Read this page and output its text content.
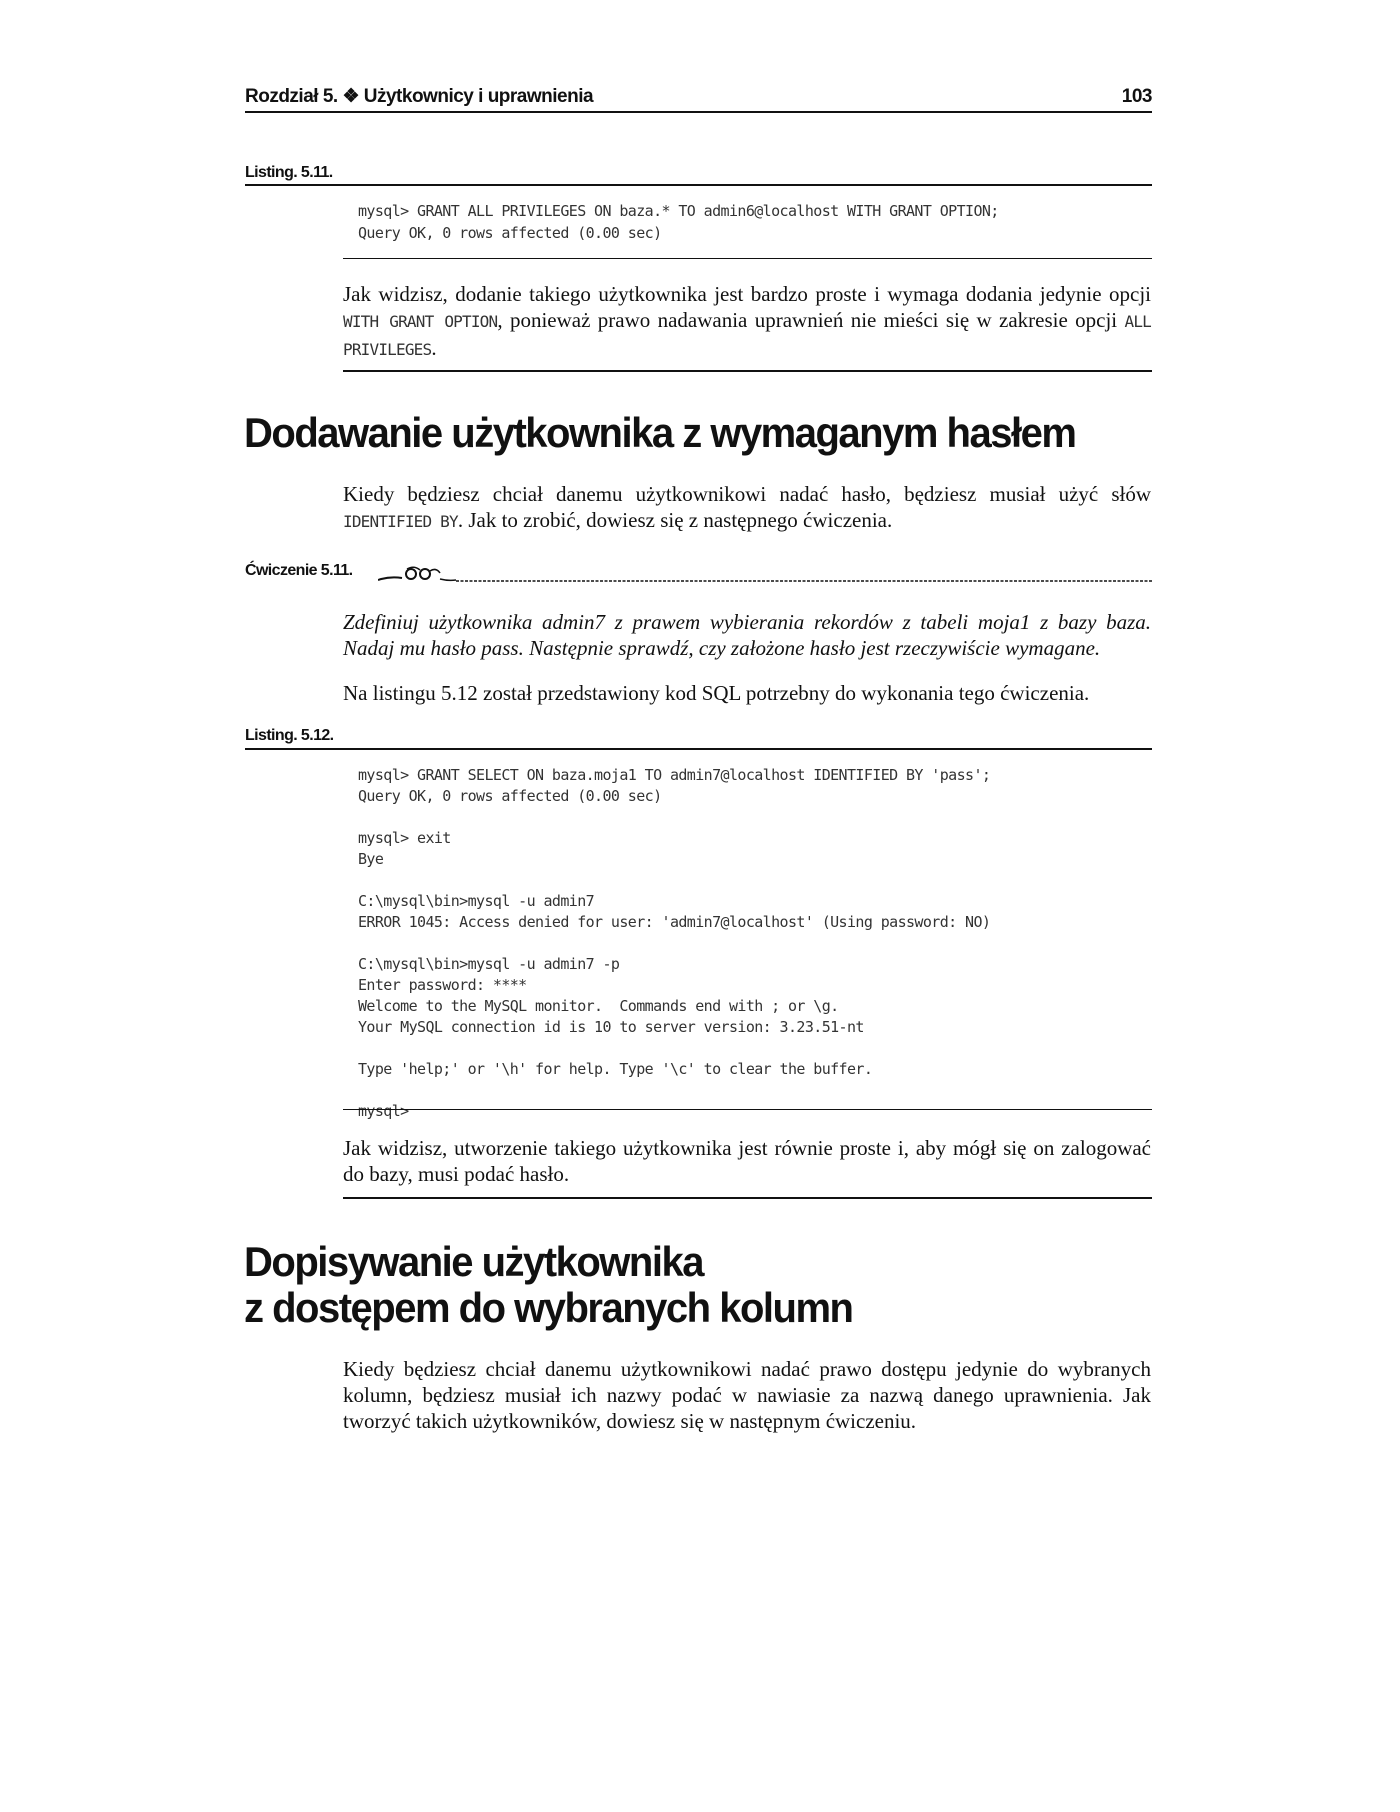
Rozdział 5. ❖ Użytkownicy i uprawnienia	103
Listing. 5.11.
mysql> GRANT ALL PRIVILEGES ON baza.* TO admin6@localhost WITH GRANT OPTION;
Query OK, 0 rows affected (0.00 sec)

Jak widzisz, dodanie takiego użytkownika jest bardzo proste i wymaga dodania jedynie opcji WITH GRANT OPTION, ponieważ prawo nadawania uprawnień nie mieści się w zakresie opcji ALL PRIVILEGES.

Dodawanie użytkownika z wymaganym hasłem

Kiedy będziesz chciał danemu użytkownikowi nadać hasło, będziesz musiał użyć słów IDENTIFIED BY. Jak to zrobić, dowiesz się z następnego ćwiczenia.

Ćwiczenie 5.11.

Zdefiniuj użytkownika admin7 z prawem wybierania rekordów z tabeli moja1 z bazy baza. Nadaj mu hasło pass. Następnie sprawdź, czy założone hasło jest rzeczywiście wymagane.

Na listingu 5.12 został przedstawiony kod SQL potrzebny do wykonania tego ćwiczenia.

Listing. 5.12.
mysql> GRANT SELECT ON baza.moja1 TO admin7@localhost IDENTIFIED BY 'pass';
Query OK, 0 rows affected (0.00 sec)

mysql> exit
Bye

C:\mysql\bin>mysql -u admin7
ERROR 1045: Access denied for user: 'admin7@localhost' (Using password: NO)

C:\mysql\bin>mysql -u admin7 -p
Enter password: ****
Welcome to the MySQL monitor.  Commands end with ; or \g.
Your MySQL connection id is 10 to server version: 3.23.51-nt

Type 'help;' or '\h' for help. Type '\c' to clear the buffer.

mysql>

Jak widzisz, utworzenie takiego użytkownika jest równie proste i, aby mógł się on zalogować do bazy, musi podać hasło.

Dopisywanie użytkownika
z dostępem do wybranych kolumn

Kiedy będziesz chciał danemu użytkownikowi nadać prawo dostępu jedynie do wybranych kolumn, będziesz musiał ich nazwy podać w nawiasie za nazwą danego uprawnienia. Jak tworzyć takich użytkowników, dowiesz się w następnym ćwiczeniu.
